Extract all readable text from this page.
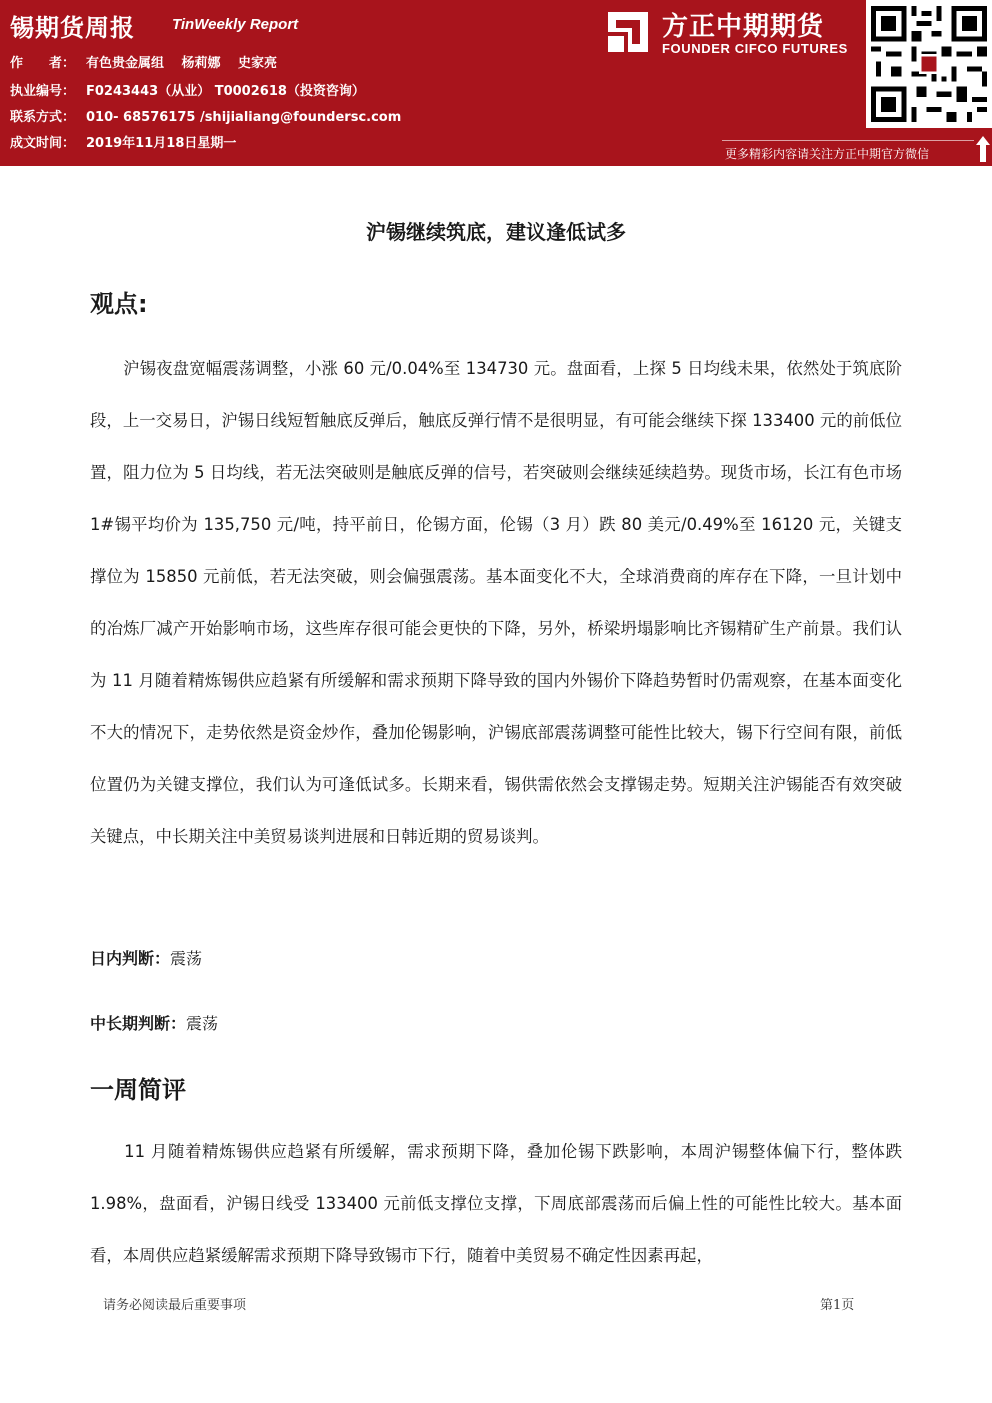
锡期货周报 TinWeekly Report
作　　者： 有色贵金属组　 杨莉娜　 史家亮
执业编号： F0243443（从业） T0002618（投资咨询）
联系方式： 010- 68576175 /shijialiang@foundersc.com
成文时间： 2019年11月18日星期一
方正中期期货
FOUNDER CIFCO FUTURES
更多精彩内容请关注方正中期官方微信
沪锡继续筑底，建议逢低试多
观点:

　　沪锡夜盘宽幅震荡调整，小涨 60 元/0.04%至 134730 元。盘面看，上探 5 日均线未果，依然处于筑底阶段，上一交易日，沪锡日线短暂触底反弹后，触底反弹行情不是很明显，有可能会继续下探 133400 元的前低位置，阻力位为 5 日均线，若无法突破则是触底反弹的信号，若突破则会继续延续趋势。现货市场，长江有色市场 1#锡平均价为 135,750 元/吨，持平前日，伦锡方面，伦锡（3 月）跌 80 美元/0.49%至 16120 元，关键支撑位为 15850 元前低，若无法突破，则会偏强震荡。基本面变化不大，全球消费商的库存在下降，一旦计划中的冶炼厂减产开始影响市场，这些库存很可能会更快的下降，另外，桥梁坍塌影响比齐锡精矿生产前景。我们认为 11 月随着精炼锡供应趋紧有所缓解和需求预期下降导致的国内外锡价下降趋势暂时仍需观察，在基本面变化不大的情况下，走势依然是资金炒作，叠加伦锡影响，沪锡底部震荡调整可能性比较大，锡下行空间有限，前低位置仍为关键支撑位，我们认为可逢低试多。长期来看，锡供需依然会支撑锡走势。短期关注沪锡能否有效突破关键点，中长期关注中美贸易谈判进展和日韩近期的贸易谈判。

日内判断：震荡
中长期判断：震荡
一周简评

　　11 月随着精炼锡供应趋紧有所缓解，需求预期下降，叠加伦锡下跌影响，本周沪锡整体偏下行，整体跌 1.98%，盘面看，沪锡日线受 133400 元前低支撑位支撑，下周底部震荡而后偏上性的可能性比较大。基本面看，本周供应趋紧缓解需求预期下降导致锡市下行，随着中美贸易不确定性因素再起，

请务必阅读最后重要事项	第1页
